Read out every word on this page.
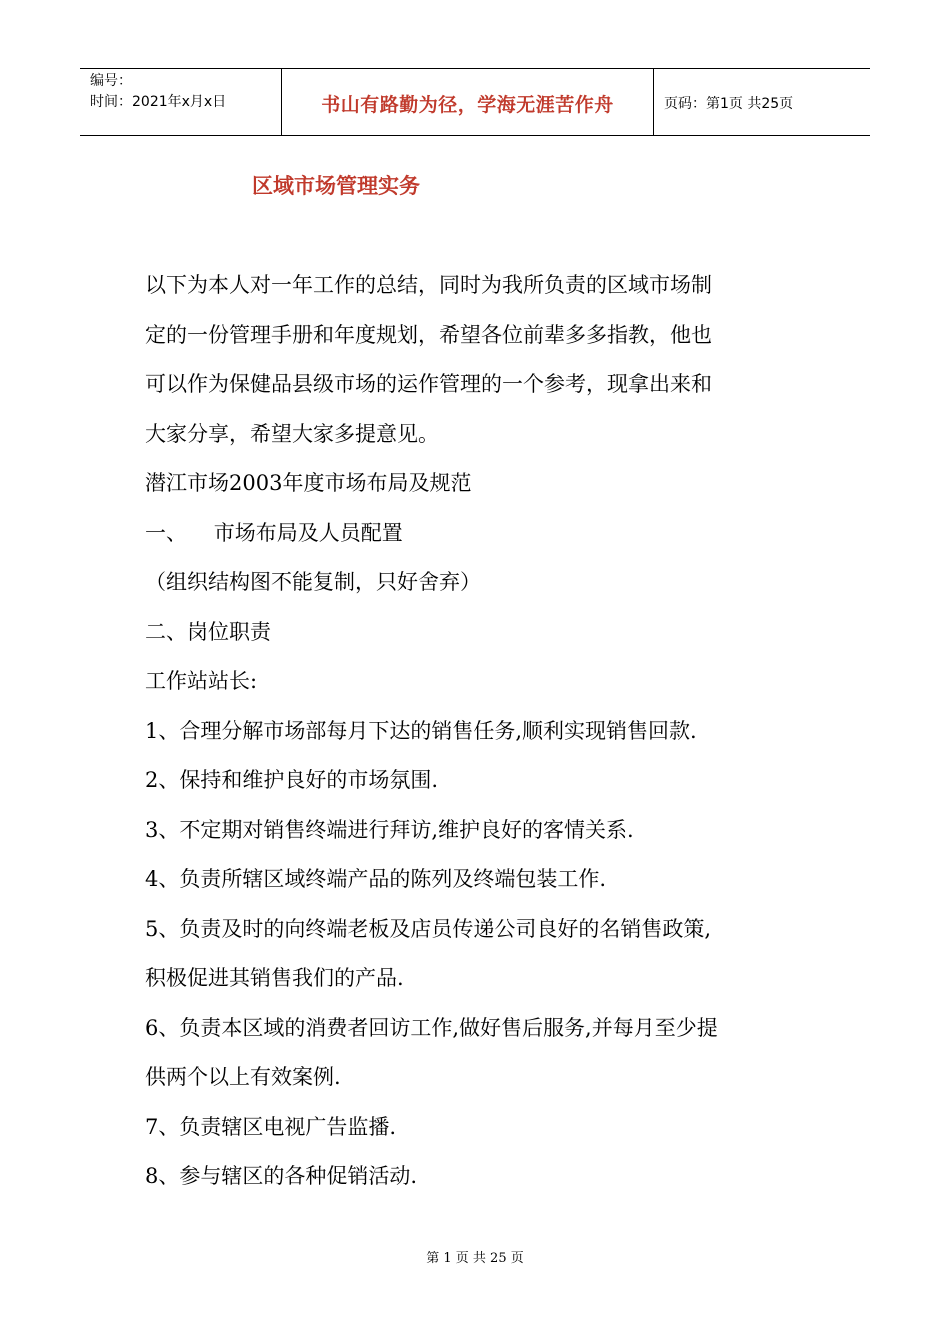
编号：
时间：2021年x月x日	书山有路勤为径，学海无涯苦作舟	页码：第1页 共25页
区域市场管理实务

以下为本人对一年工作的总结，同时为我所负责的区域市场制

定的一份管理手册和年度规划，希望各位前辈多多指教，他也

可以作为保健品县级市场的运作管理的一个参考，现拿出来和

大家分享，希望大家多提意见。

潜江市场2003年度市场布局及规范

一、    市场布局及人员配置

（组织结构图不能复制，只好舍弃）

二、岗位职责

工作站站长:

1、合理分解市场部每月下达的销售任务,顺利实现销售回款.

2、保持和维护良好的市场氛围.

3、不定期对销售终端进行拜访,维护良好的客情关系.

4、负责所辖区域终端产品的陈列及终端包装工作.

5、负责及时的向终端老板及店员传递公司良好的名销售政策,

积极促进其销售我们的产品.

6、负责本区域的消费者回访工作,做好售后服务,并每月至少提

供两个以上有效案例.

7、负责辖区电视广告监播.

8、参与辖区的各种促销活动.

第 1 页 共 25 页
